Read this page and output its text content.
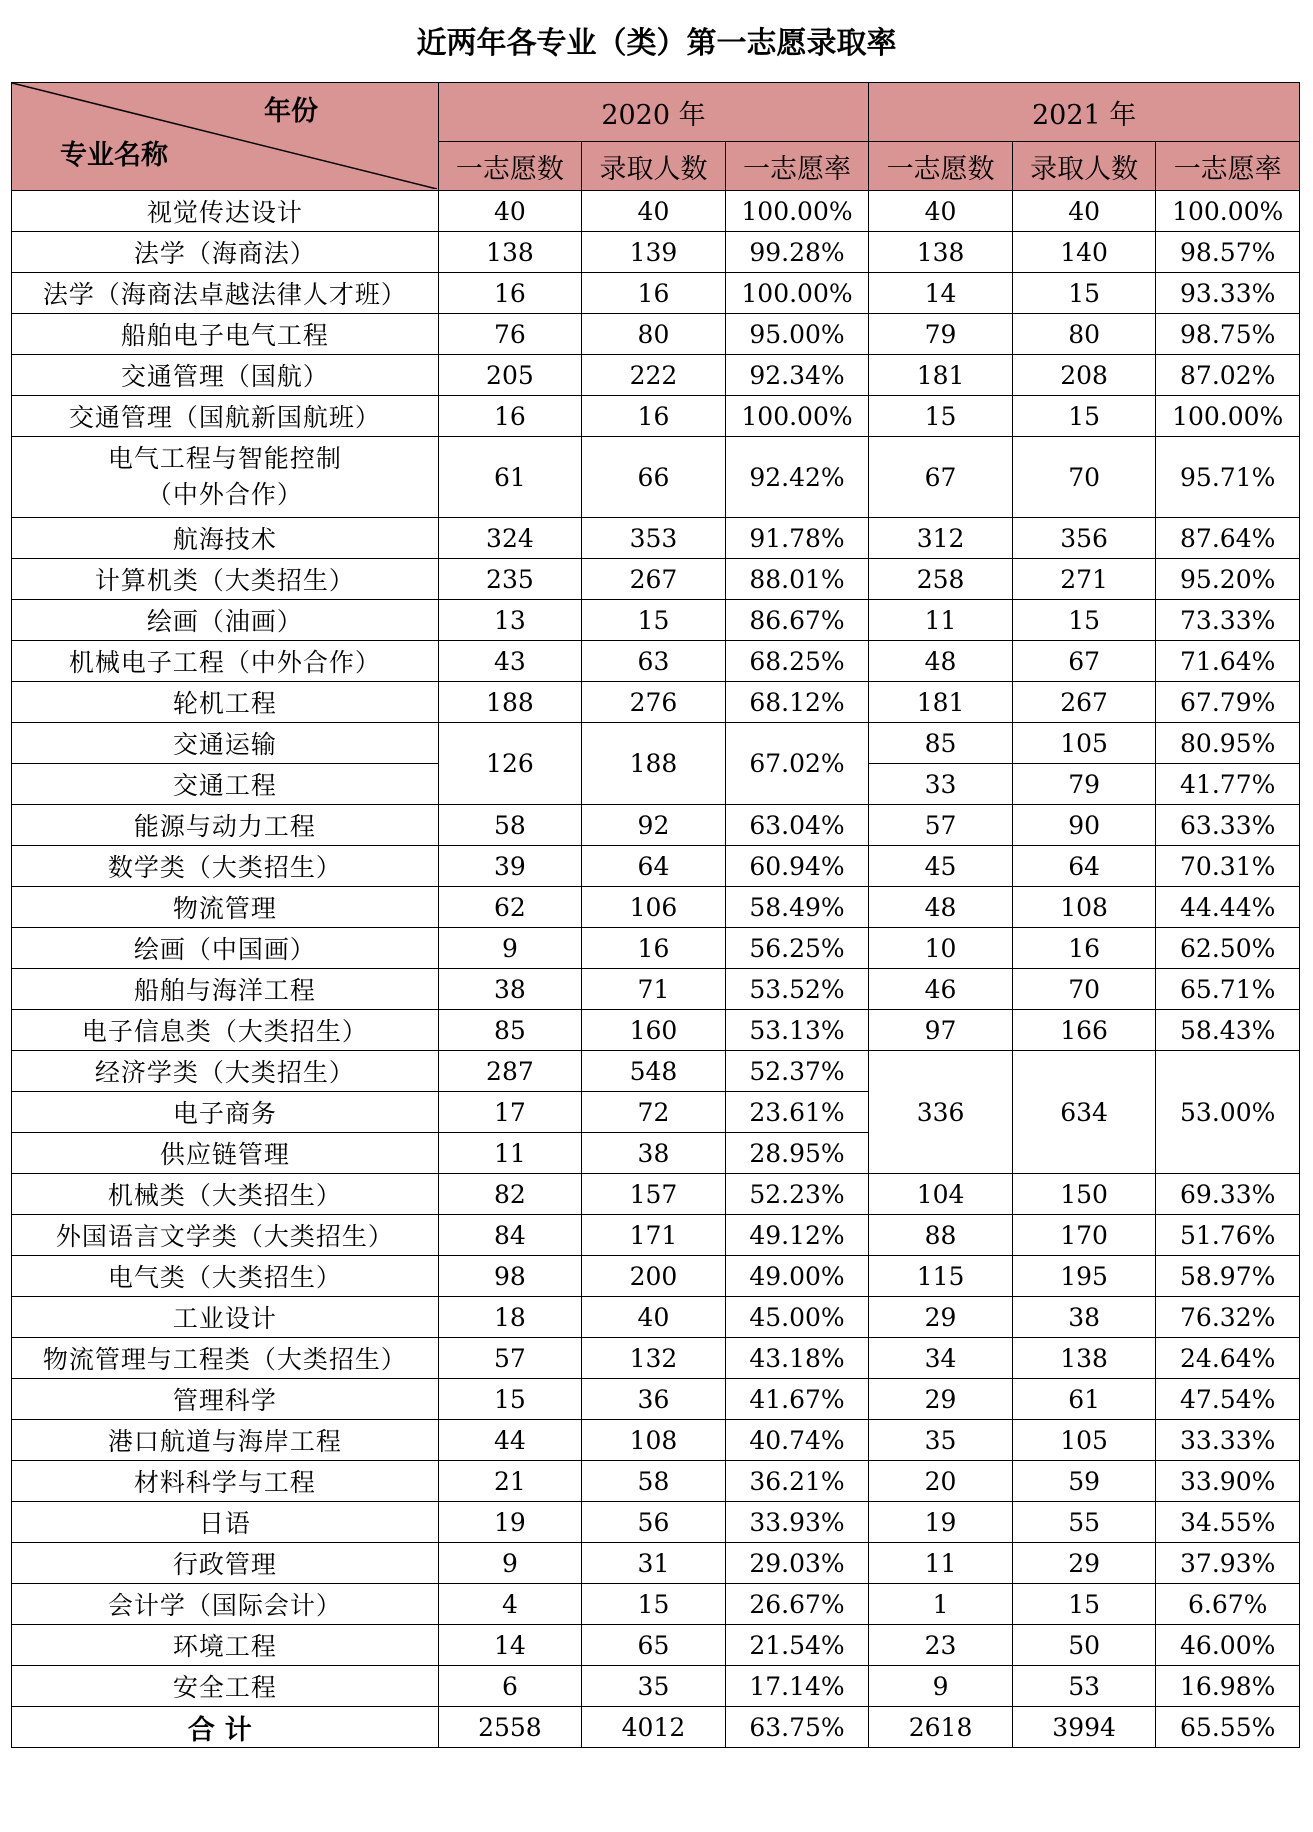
近两年各专业（类）第一志愿录取率
年份
专业名称	2020 年			2021 年		
	一志愿数	录取人数	一志愿率	一志愿数	录取人数	一志愿率
视觉传达设计	40	40	100.00%	40	40	100.00%
法学（海商法）	138	139	99.28%	138	140	98.57%
法学（海商法卓越法律人才班）	16	16	100.00%	14	15	93.33%
船舶电子电气工程	76	80	95.00%	79	80	98.75%
交通管理（国航）	205	222	92.34%	181	208	87.02%
交通管理（国航新国航班）	16	16	100.00%	15	15	100.00%

电气工程与智能控制
（中外合作）	61	66	92.42%	67	70	95.71%
航海技术	324	353	91.78%	312	356	87.64%
计算机类（大类招生）	235	267	88.01%	258	271	95.20%
绘画（油画）	13	15	86.67%	11	15	73.33%
机械电子工程（中外合作）	43	63	68.25%	48	67	71.64%
轮机工程	188	276	68.12%	181	267	67.79%
交通运输	126	188	67.02%	85	105	80.95%
交通工程				33	79	41.77%
能源与动力工程	58	92	63.04%	57	90	63.33%
数学类（大类招生）	39	64	60.94%	45	64	70.31%
物流管理	62	106	58.49%	48	108	44.44%
绘画（中国画）	9	16	56.25%	10	16	62.50%
船舶与海洋工程	38	71	53.52%	46	70	65.71%
电子信息类（大类招生）	85	160	53.13%	97	166	58.43%
经济学类（大类招生）	287	548	52.37%	336	634	53.00%
电子商务	17	72	23.61%			
供应链管理	11	38	28.95%			
机械类（大类招生）	82	157	52.23%	104	150	69.33%
外国语言文学类（大类招生）	84	171	49.12%	88	170	51.76%
电气类（大类招生）	98	200	49.00%	115	195	58.97%
工业设计	18	40	45.00%	29	38	76.32%
物流管理与工程类（大类招生）	57	132	43.18%	34	138	24.64%
管理科学	15	36	41.67%	29	61	47.54%
港口航道与海岸工程	44	108	40.74%	35	105	33.33%
材料科学与工程	21	58	36.21%	20	59	33.90%
日语	19	56	33.93%	19	55	34.55%
行政管理	9	31	29.03%	11	29	37.93%
会计学（国际会计）	4	15	26.67%	1	15	6.67%
环境工程	14	65	21.54%	23	50	46.00%
安全工程	6	35	17.14%	9	53	16.98%
合计	2558	4012	63.75%	2618	3994	65.55%
